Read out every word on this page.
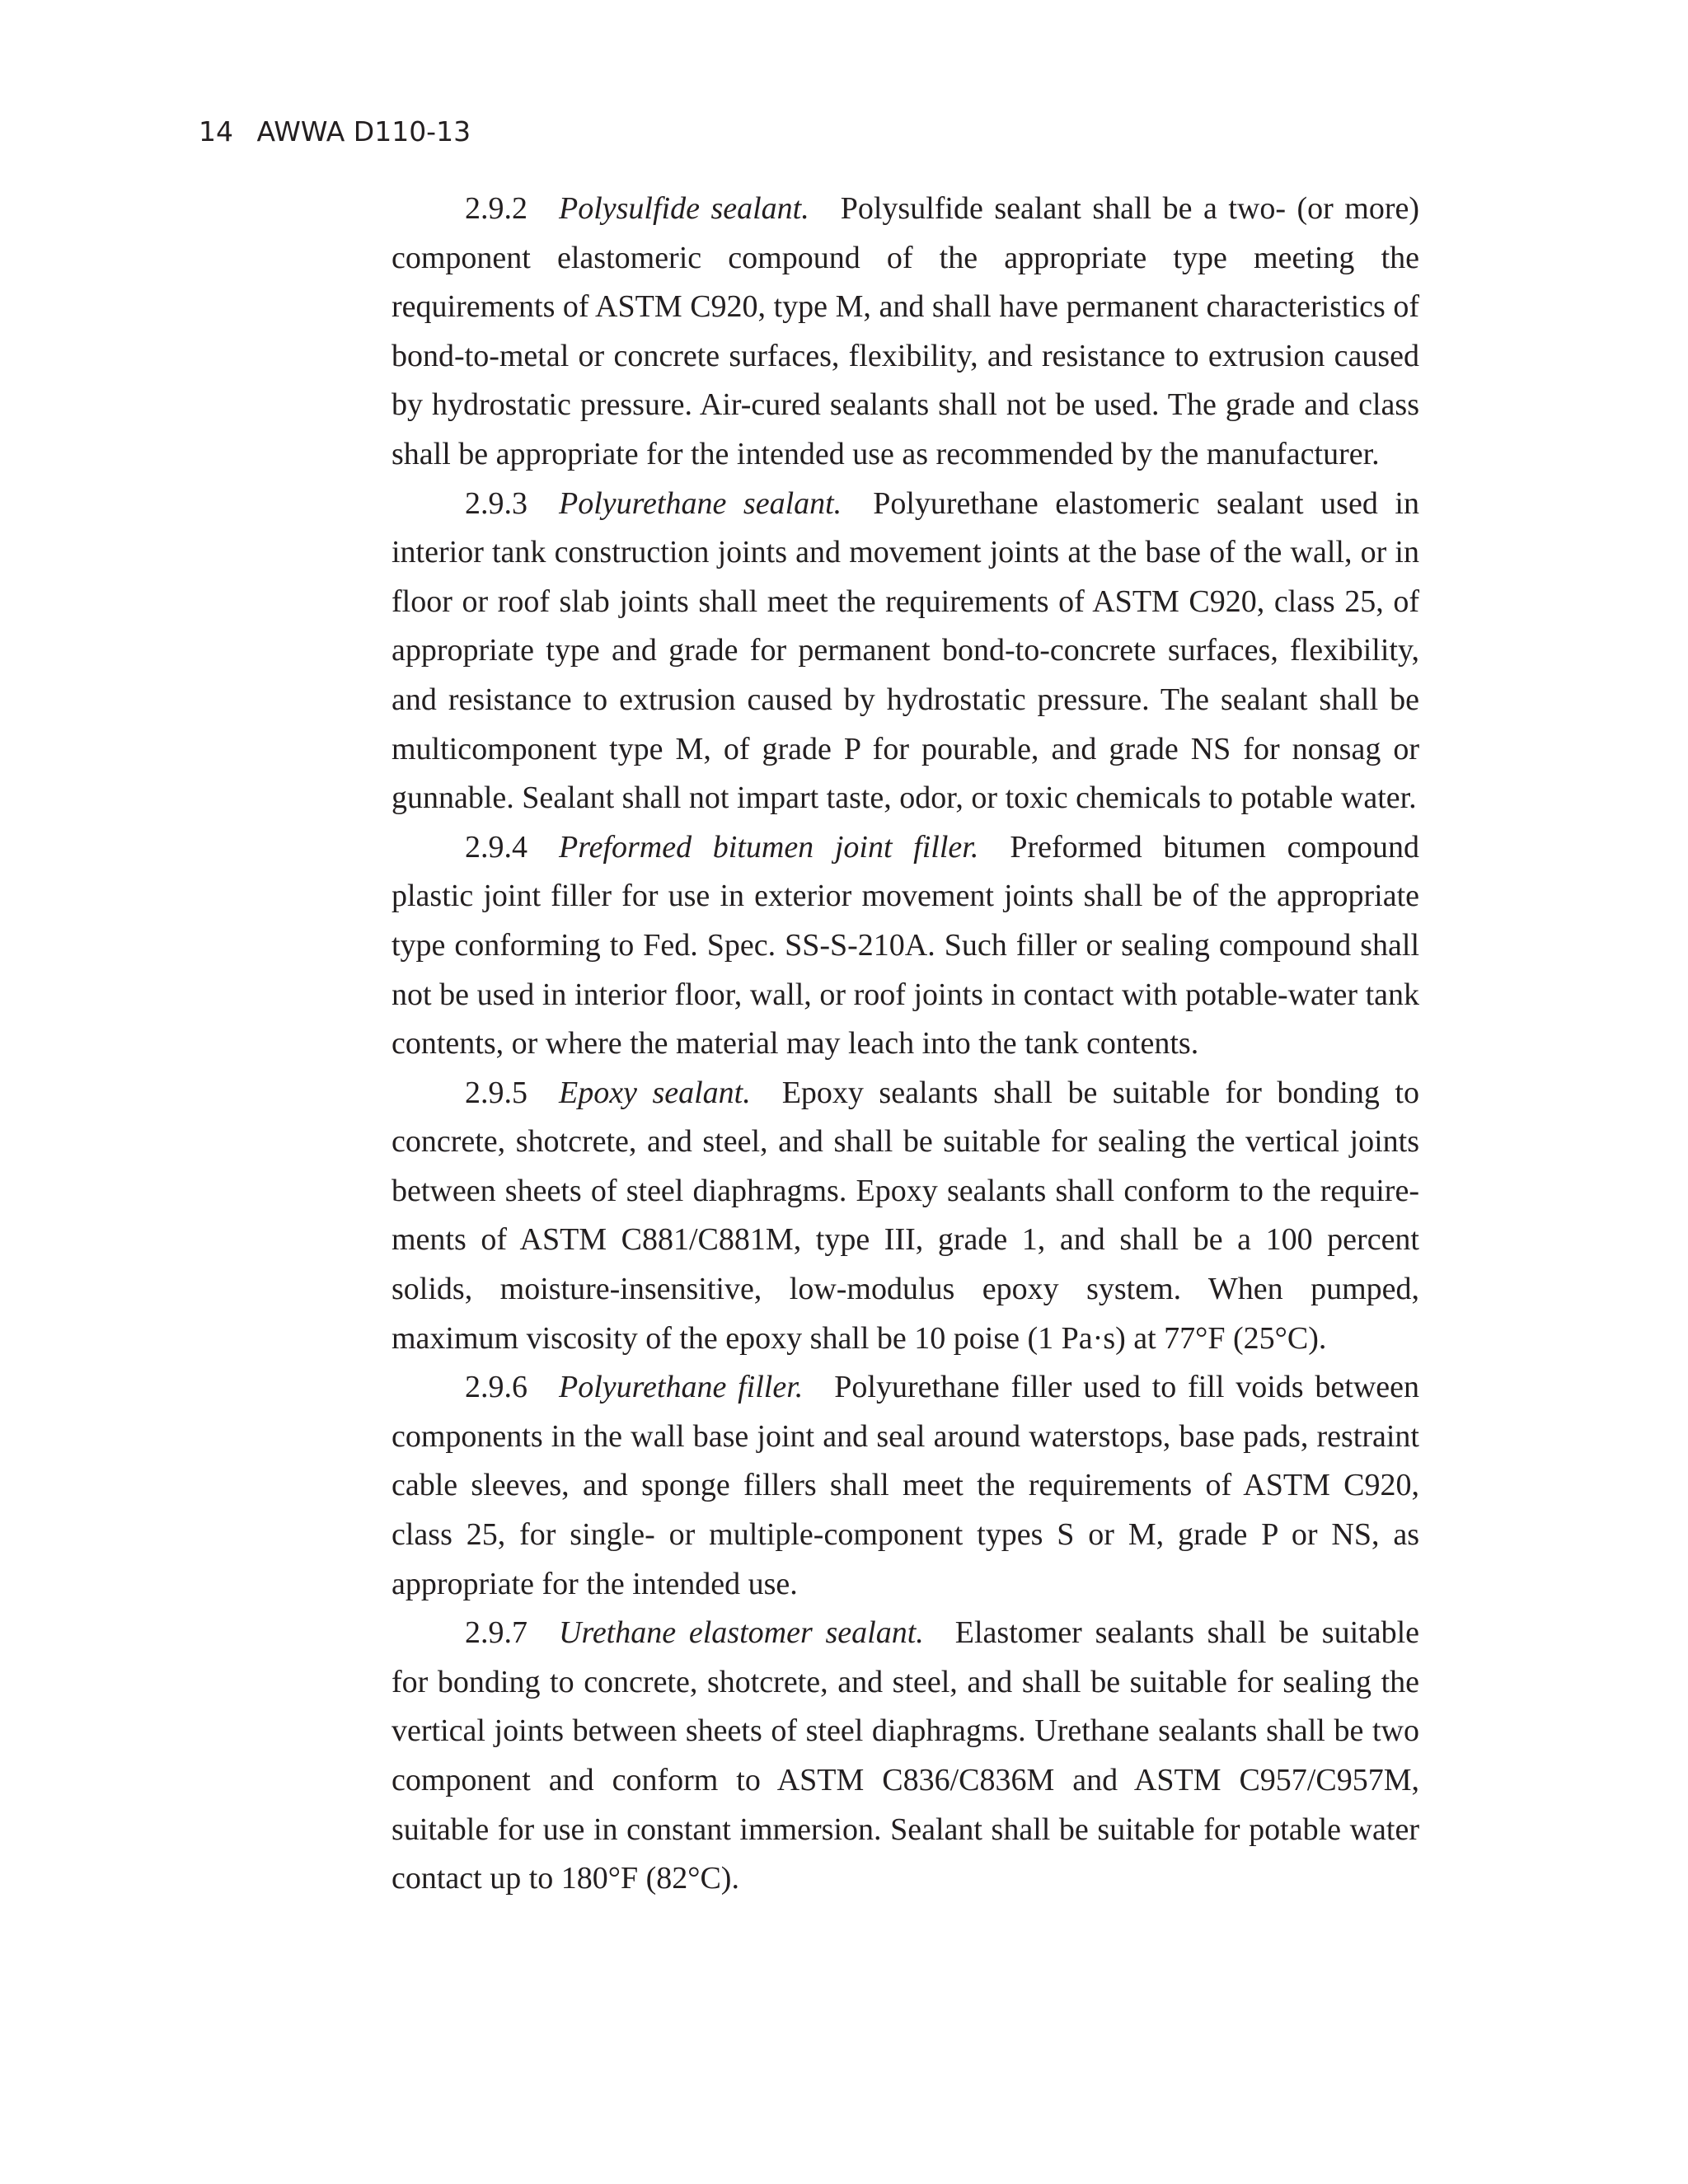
14 AWWA D110-13

2.9.2 Polysulfide sealant. Polysulfide sealant shall be a two- (or more) component elastomeric compound of the appropriate type meeting the requirements of ASTM C920, type M, and shall have permanent characteristics of bond-to-metal or concrete surfaces, flexibility, and resistance to extrusion caused by hydrostatic pressure. Air-cured sealants shall not be used. The grade and class shall be appropriate for the intended use as recommended by the manufacturer.

2.9.3 Polyurethane sealant. Polyurethane elastomeric sealant used in interior tank construction joints and movement joints at the base of the wall, or in floor or roof slab joints shall meet the requirements of ASTM C920, class 25, of appropriate type and grade for permanent bond-to-concrete surfaces, flexibility, and resistance to extrusion caused by hydrostatic pressure. The sealant shall be multicomponent type M, of grade P for pourable, and grade NS for nonsag or gunnable. Sealant shall not impart taste, odor, or toxic chemicals to potable water.

2.9.4 Preformed bitumen joint filler. Preformed bitumen compound plastic joint filler for use in exterior movement joints shall be of the appropriate type conforming to Fed. Spec. SS-S-210A. Such filler or sealing compound shall not be used in interior floor, wall, or roof joints in contact with potable-water tank contents, or where the material may leach into the tank contents.

2.9.5 Epoxy sealant. Epoxy sealants shall be suitable for bonding to concrete, shotcrete, and steel, and shall be suitable for sealing the vertical joints between sheets of steel diaphragms. Epoxy sealants shall conform to the requirements of ASTM C881/C881M, type III, grade 1, and shall be a 100 percent solids, moisture-insensitive, low-modulus epoxy system. When pumped, maximum viscosity of the epoxy shall be 10 poise (1 Pa·s) at 77°F (25°C).

2.9.6 Polyurethane filler. Polyurethane filler used to fill voids between components in the wall base joint and seal around waterstops, base pads, restraint cable sleeves, and sponge fillers shall meet the requirements of ASTM C920, class 25, for single- or multiple-component types S or M, grade P or NS, as appropriate for the intended use.

2.9.7 Urethane elastomer sealant. Elastomer sealants shall be suitable for bonding to concrete, shotcrete, and steel, and shall be suitable for sealing the vertical joints between sheets of steel diaphragms. Urethane sealants shall be two component and conform to ASTM C836/C836M and ASTM C957/C957M, suitable for use in constant immersion. Sealant shall be suitable for potable water contact up to 180°F (82°C).
